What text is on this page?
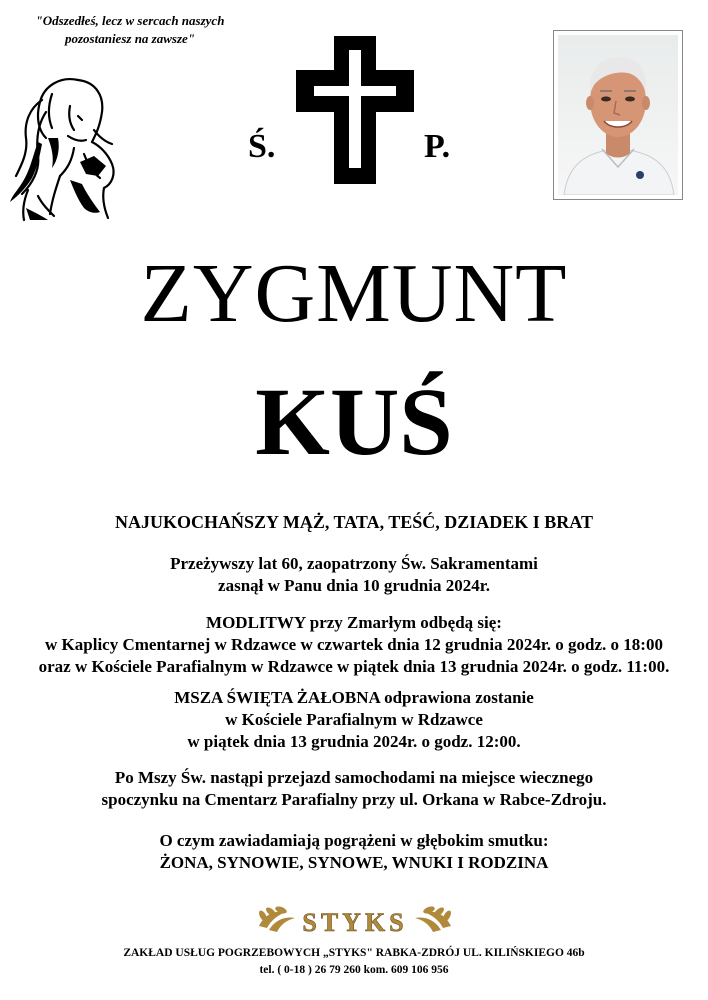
"Odszedłeś, lecz w sercach naszych
pozostaniesz na zawsze"
Ś.	P.
ZYGMUNT
KUŚ
NAJUKOCHAŃSZY MĄŻ, TATA, TEŚĆ, DZIADEK I BRAT
Przeżywszy lat 60, zaopatrzony Św. Sakramentami
zasnął w Panu dnia 10 grudnia 2024r.
MODLITWY przy Zmarłym odbędą się:
w Kaplicy Cmentarnej w Rdzawce w czwartek dnia 12 grudnia 2024r. o godz. o 18:00
oraz w Kościele Parafialnym w Rdzawce w piątek dnia 13 grudnia 2024r. o godz. 11:00.
MSZA ŚWIĘTA ŻAŁOBNA odprawiona zostanie
w Kościele Parafialnym w Rdzawce
w piątek dnia 13 grudnia 2024r. o godz. 12:00.
Po Mszy Św. nastąpi przejazd samochodami na miejsce wiecznego
spoczynku na Cmentarz Parafialny przy ul. Orkana w Rabce-Zdroju.
O czym zawiadamiają pogrążeni w głębokim smutku:
ŻONA, SYNOWIE, SYNOWE, WNUKI I RODZINA
STYKS
ZAKŁAD USŁUG POGRZEBOWYCH „STYKS" RABKA-ZDRÓJ UL. KILIŃSKIEGO 46b
tel. ( 0-18 ) 26 79 260 kom. 609 106 956
